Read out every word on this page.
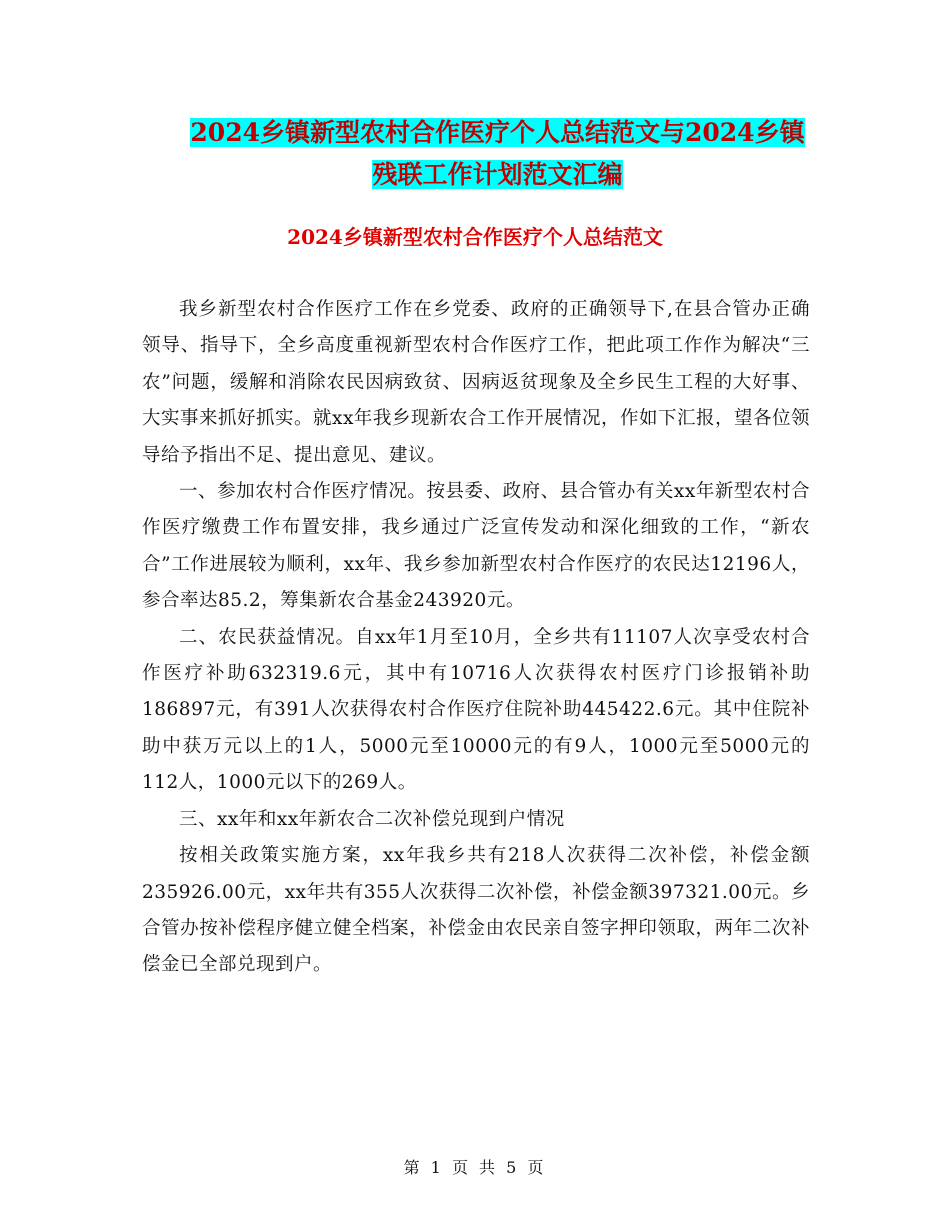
2024乡镇新型农村合作医疗个人总结范文与2024乡镇
残联工作计划范文汇编
2024乡镇新型农村合作医疗个人总结范文

我乡新型农村合作医疗工作在乡党委、政府的正确领导下,在县合管办正确领导、指导下，全乡高度重视新型农村合作医疗工作，把此项工作作为解决“三农”问题，缓解和消除农民因病致贫、因病返贫现象及全乡民生工程的大好事、大实事来抓好抓实。就xx年我乡现新农合工作开展情况，作如下汇报，望各位领导给予指出不足、提出意见、建议。

一、参加农村合作医疗情况。按县委、政府、县合管办有关xx年新型农村合作医疗缴费工作布置安排，我乡通过广泛宣传发动和深化细致的工作，“新农合”工作进展较为顺利，xx年、我乡参加新型农村合作医疗的农民达12196人，参合率达85.2，筹集新农合基金243920元。

二、农民获益情况。自xx年1月至10月，全乡共有11107人次享受农村合作医疗补助632319.6元，其中有10716人次获得农村医疗门诊报销补助186897元，有391人次获得农村合作医疗住院补助445422.6元。其中住院补助中获万元以上的1人，5000元至10000元的有9人，1000元至5000元的112人，1000元以下的269人。

三、xx年和xx年新农合二次补偿兑现到户情况

按相关政策实施方案，xx年我乡共有218人次获得二次补偿，补偿金额235926.00元，xx年共有355人次获得二次补偿，补偿金额397321.00元。乡合管办按补偿程序健立健全档案，补偿金由农民亲自签字押印领取，两年二次补偿金已全部兑现到户。

第 1 页 共 5 页
